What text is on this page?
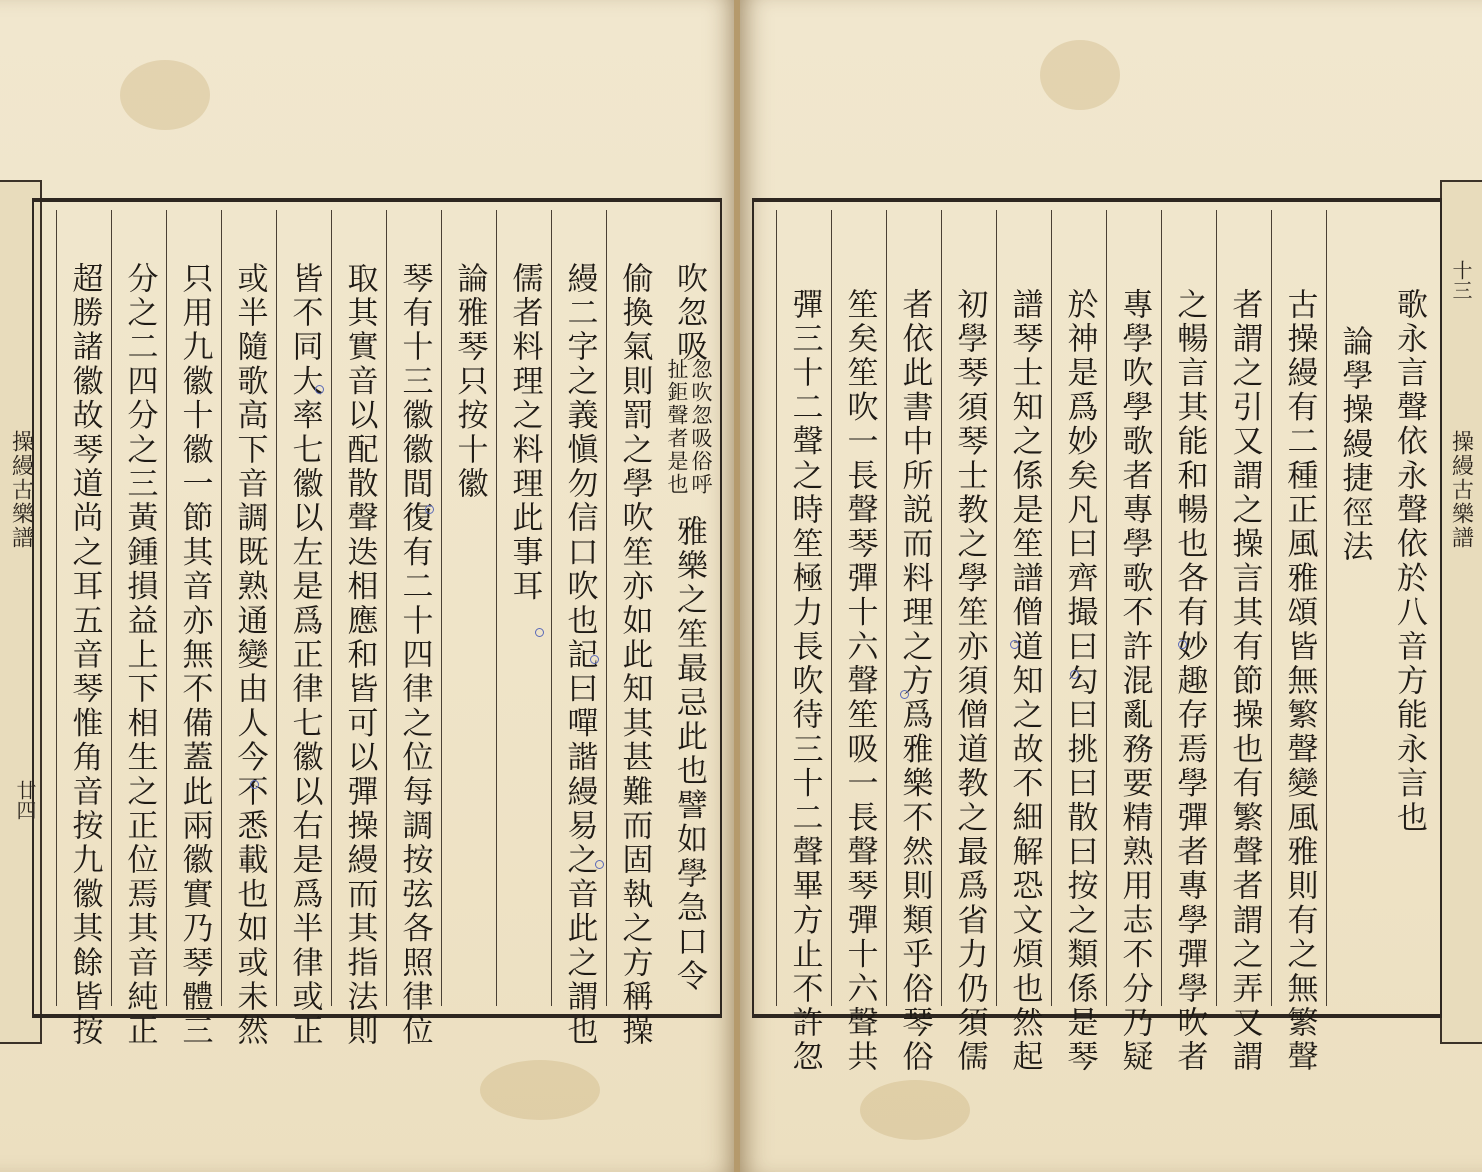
操縵古樂譜
廿四
吹忽吸
忽吹忽吸俗呼
扯鉅聲者是也
雅樂之笙最忌此也譬如學急口令
偷換氣則罰之學吹笙亦如此知其甚難而固執之方稱操
縵二字之義愼勿信口吹也記曰嘽諧縵易之音此之謂也
儒者料理之料理此事耳
論雅琴只按十徽
琴有十三徽徽間復有二十四律之位每調按弦各照律位
取其實音以配散聲迭相應和皆可以彈操縵而其指法則
皆不同大率七徽以左是爲正律七徽以右是爲半律或正
或半隨歌高下音調既熟通變由人今不悉載也如或未然
只用九徽十徽一節其音亦無不備蓋此兩徽實乃琴體三
分之二四分之三黃鍾損益上下相生之正位焉其音純正
超勝諸徽故琴道尚之耳五音琴惟角音按九徽其餘皆按	操縵古樂譜
十三
歌永言聲依永聲依於八音方能永言也
論學操縵捷徑法
古操縵有二種正風雅頌皆無繁聲變風雅則有之無繁聲
者謂之引又謂之操言其有節操也有繁聲者謂之弄又謂
之暢言其能和暢也各有妙趣存焉學彈者專學彈學吹者
專學吹學歌者專學歌不許混亂務要精熟用志不分乃疑
於神是爲妙矣凡曰齊撮曰勾曰挑曰散曰按之類係是琴
譜琴士知之係是笙譜僧道知之故不細解恐文煩也然起
初學琴須琴士教之學笙亦須僧道教之最爲省力仍須儒
者依此書中所説而料理之方爲雅樂不然則類乎俗琴俗
笙矣笙吹一長聲琴彈十六聲笙吸一長聲琴彈十六聲共
彈三十二聲之時笙極力長吹待三十二聲畢方止不許忽
